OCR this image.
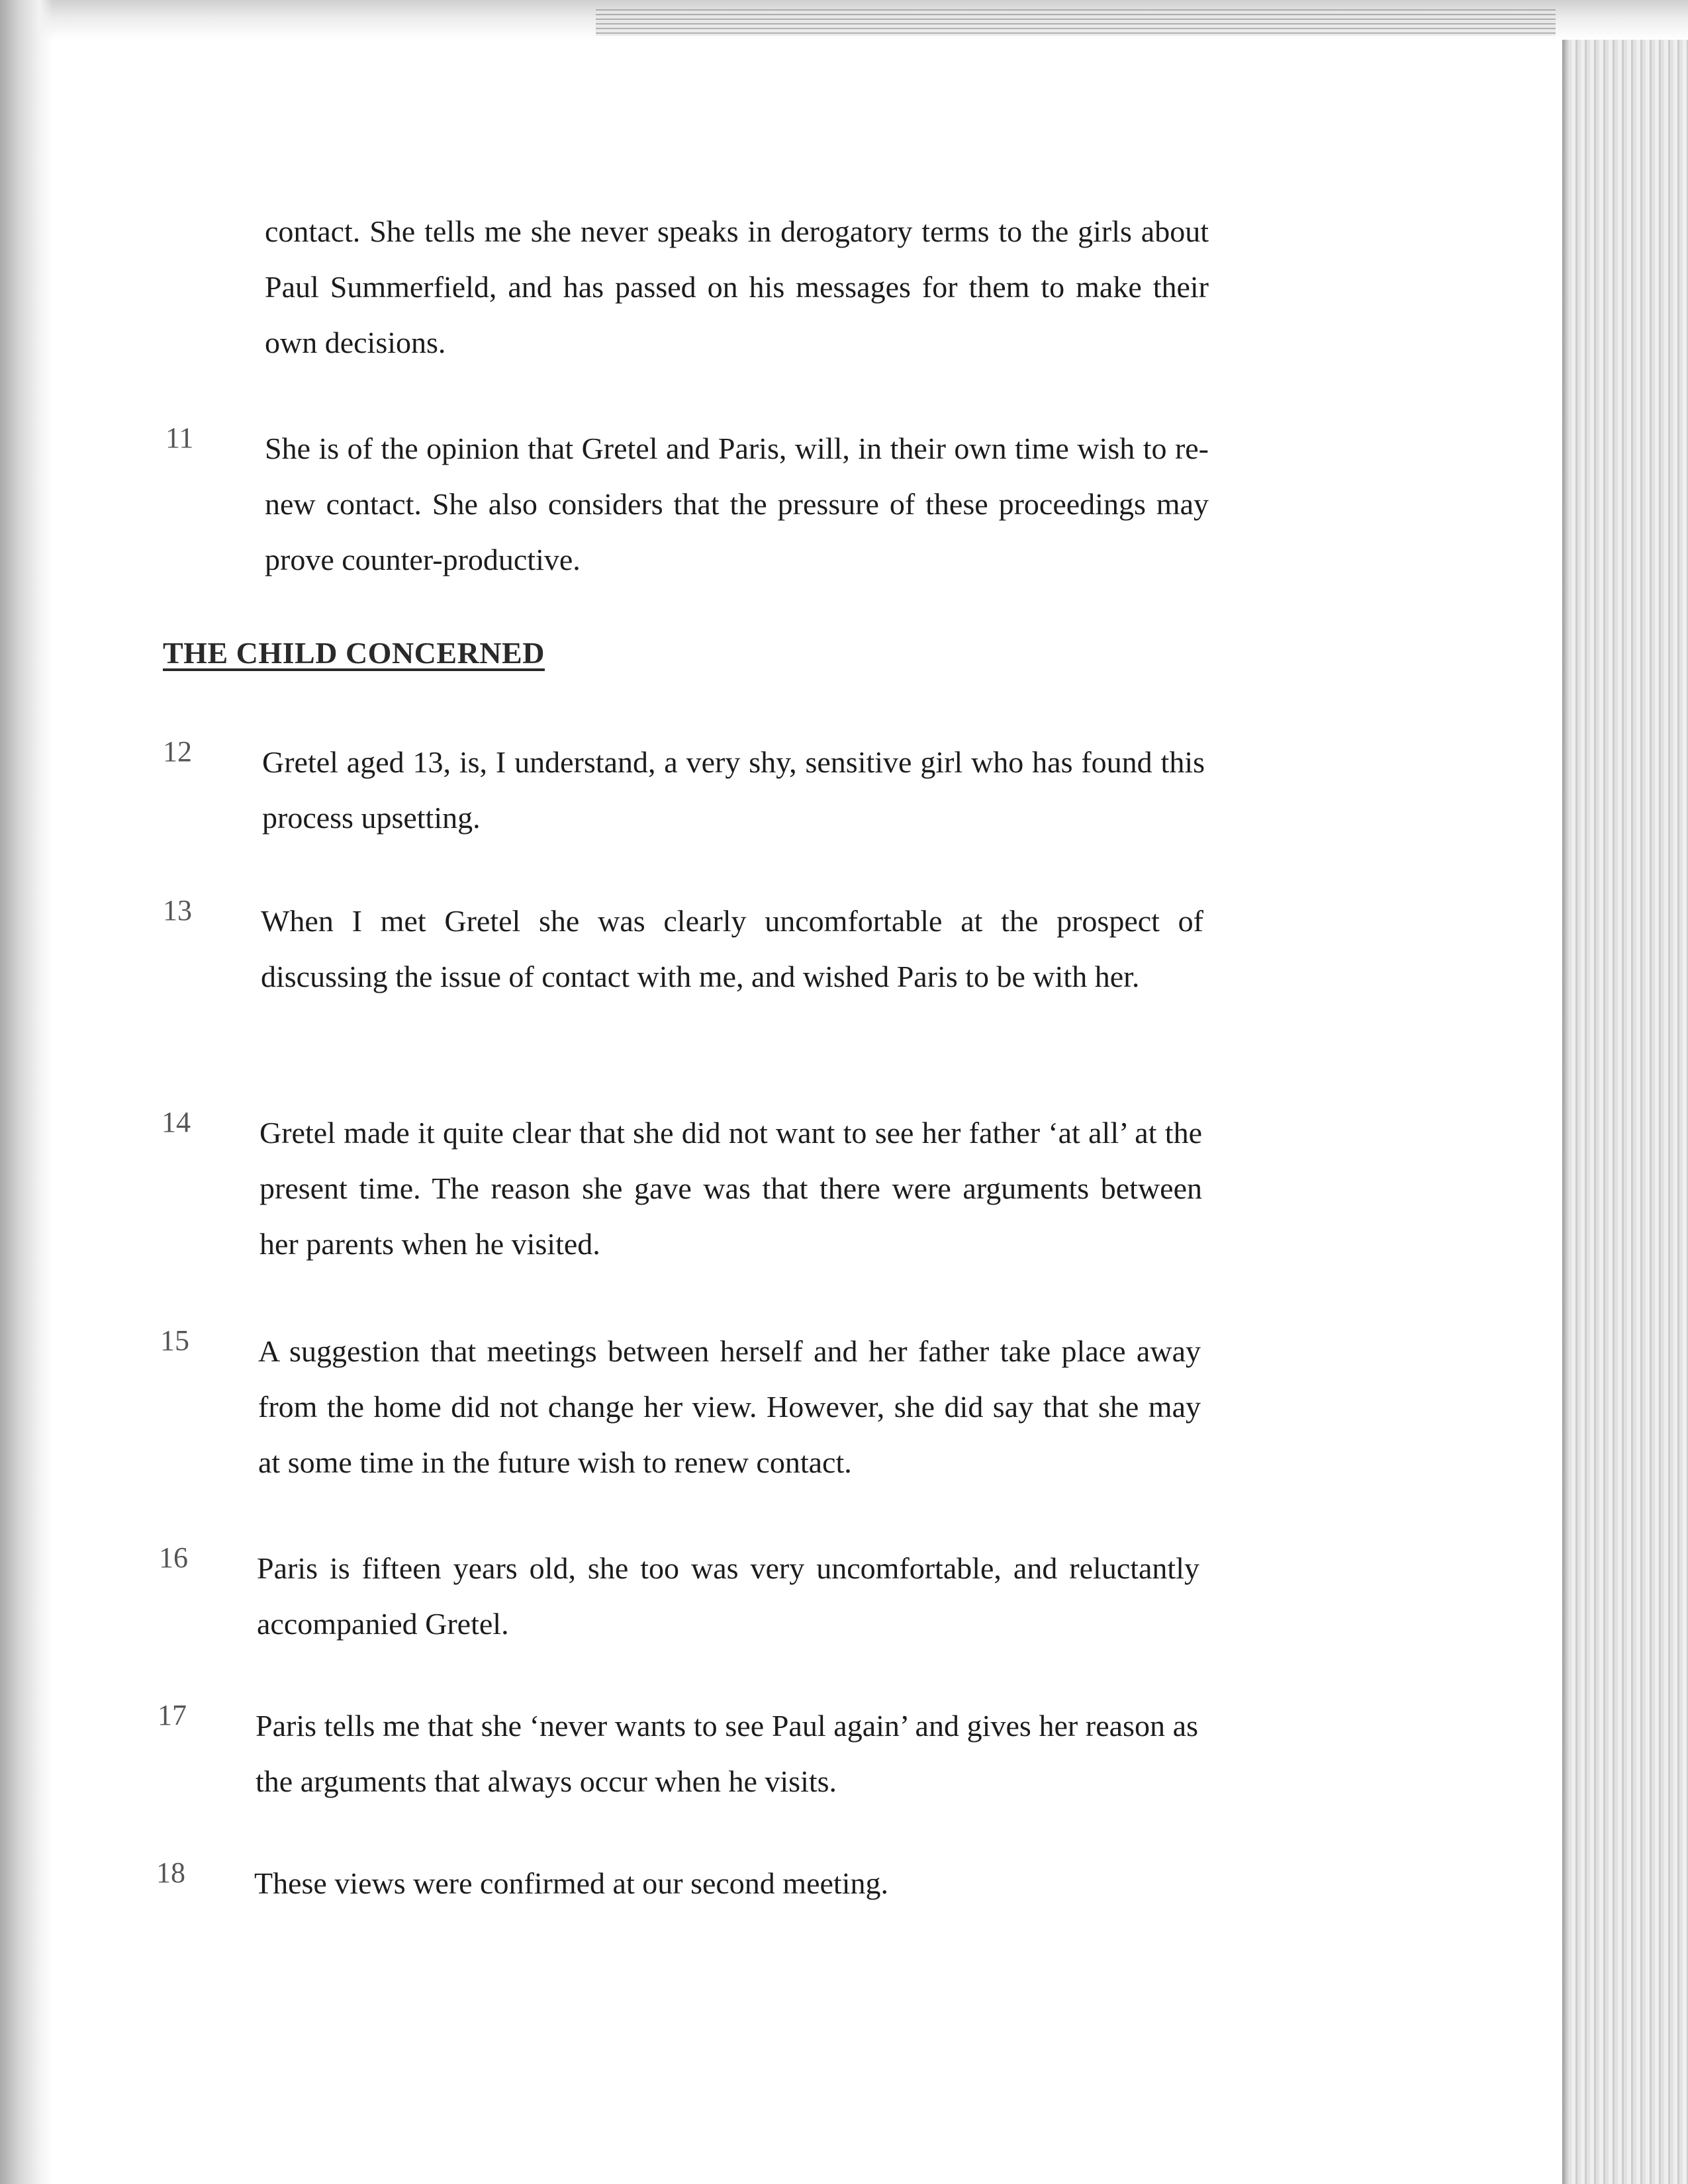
contact. She tells me she never speaks in derogatory terms to the girls about Paul Summerfield, and has passed on his messages for them to make their own decisions.
11 She is of the opinion that Gretel and Paris, will, in their own time wish to re-new contact. She also considers that the pressure of these proceedings may prove counter-productive.
THE CHILD CONCERNED
12 Gretel aged 13, is, I understand, a very shy, sensitive girl who has found this process upsetting.
13 When I met Gretel she was clearly uncomfortable at the prospect of discussing the issue of contact with me, and wished Paris to be with her.
14 Gretel made it quite clear that she did not want to see her father ‘at all’ at the present time. The reason she gave was that there were arguments between her parents when he visited.
15 A suggestion that meetings between herself and her father take place away from the home did not change her view. However, she did say that she may at some time in the future wish to renew contact.
16 Paris is fifteen years old, she too was very uncomfortable, and reluctantly accompanied Gretel.
17 Paris tells me that she ‘never wants to see Paul again’ and gives her reason as the arguments that always occur when he visits.
18 These views were confirmed at our second meeting.
